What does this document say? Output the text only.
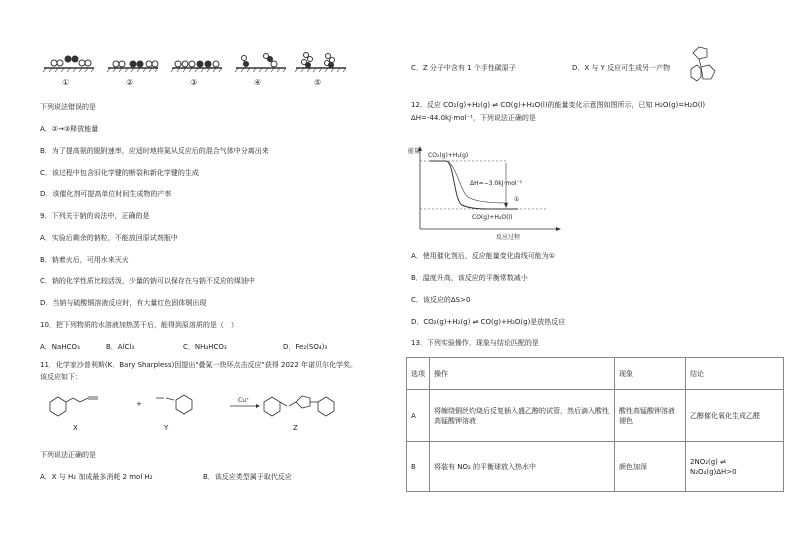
①	②	③	④	⑤
下列说法错误的是
A．②→③释放能量
B．为了提高氨的脱附速率，应适时地将氮从反应后的混合气体中分离出来
C．该过程中包含旧化学键的断裂和新化学键的生成
D．该催化剂可提高单位时间生成物的产率
9．下列关于钠的说法中，正确的是
A．实验后剩余的钠粒，不能放回原试剂瓶中
B．钠着火后，可用水来灭火
C．钠的化学性质比较活泼，少量的钠可以保存在与钠不反应的煤油中
D．当钠与硫酸铜溶液反应时，有大量红色固体铜出现
10．把下列物质的水溶液加热蒸干后，能得到原溶质的是（　）
A．NaHCO₃	B．AlCl₃	C．NH₄HCO₃	D．Fe₂(SO₄)₃
11．化学家沙普利斯(K．Bary Sharpless)因提出"叠氮一炔环点击反应"获得 2022 年诺贝尔化学奖。
该反应如下：
+	Cu⁺
X	Y	Z
下列说法正确的是
A．X 与 H₂ 加成最多消耗 2 mol H₂	B．该反应类型属于取代反应
C．Z 分子中含有 1 个手性碳原子	D．X 与 Y 反应可生成另一产物
12．反应 CO₂(g)+H₂(g) ⇌ CO(g)+H₂O(l)的能量变化示意图如图所示，已知 H₂O(g)=H₂O(l)
ΔH=-44.0kJ·mol⁻¹，下列说法正确的是
能量
CO₂(g)+H₂(g)
ΔH=−3.0kJ·mol⁻¹
①
CO(g)+H₂O(l)
反应过程
A．使用催化剂后，反应能量变化曲线可能为①
B．温度升高，该反应的平衡常数减小
C．该反应的ΔS>0
D．CO₂(g)+H₂(g) ⇌ CO(g)+H₂O(g)是放热反应
13．下列实验操作，现象与结论匹配的是
选项	操作	现象	结论
A	将缠绕铜丝灼烧后反复插入盛乙醇的试管，然后滴入酸性高锰酸钾溶液	酸性高锰酸钾溶液褪色	乙醇催化氧化生成乙醛
B	将装有 NO₂ 的平衡球放入热水中	颜色加深	2NO₂(g) ⇌
N₂O₄(g)ΔH>0
